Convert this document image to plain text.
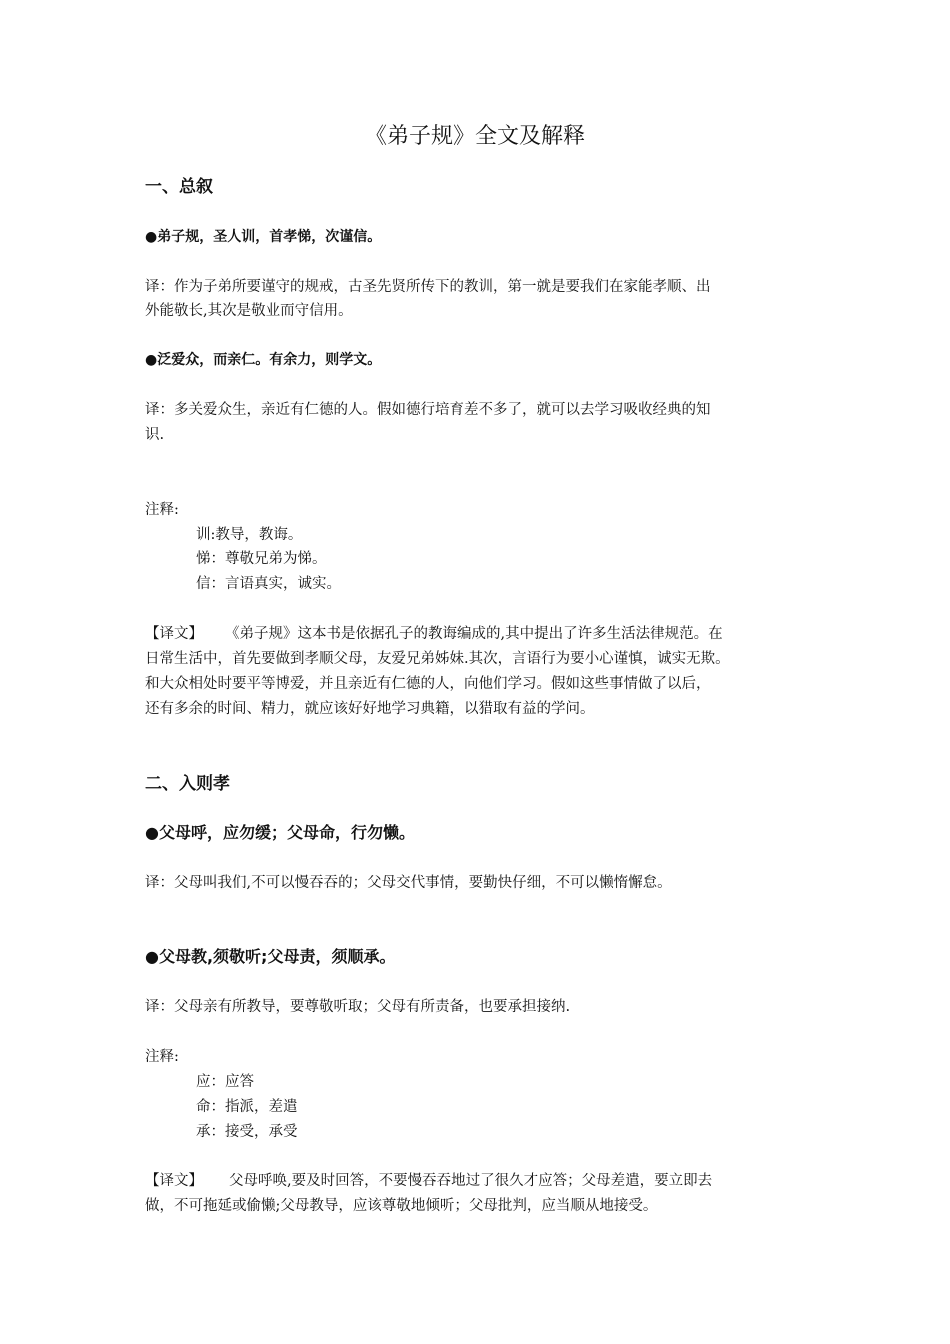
《弟子规》全文及解释
一、总叙
●弟子规，圣人训，首孝悌，次谨信。
译：作为子弟所要谨守的规戒，古圣先贤所传下的教训，第一就是要我们在家能孝顺、出
外能敬长,其次是敬业而守信用。
●泛爱众，而亲仁。有余力，则学文。
译：多关爱众生，亲近有仁德的人。假如德行培育差不多了，就可以去学习吸收经典的知
识.
注释:
训:教导，教诲。
悌：尊敬兄弟为悌。
信：言语真实，诚实。
【译文】 《弟子规》这本书是依据孔子的教诲编成的,其中提出了许多生活法律规范。在
日常生活中，首先要做到孝顺父母，友爱兄弟姊妹.其次，言语行为要小心谨慎，诚实无欺。
和大众相处时要平等博爱，并且亲近有仁德的人，向他们学习。假如这些事情做了以后，
还有多余的时间、精力，就应该好好地学习典籍，以猎取有益的学问。
二、入则孝
●父母呼，应勿缓；父母命，行勿懒。
译：父母叫我们,不可以慢吞吞的；父母交代事情，要勤快仔细，不可以懒惰懈怠。
●父母教,须敬听;父母责，须顺承。
译：父母亲有所教导，要尊敬听取；父母有所责备，也要承担接纳.
注释:
应：应答
命：指派，差遣
承：接受，承受
【译文】 父母呼唤,要及时回答，不要慢吞吞地过了很久才应答；父母差遣，要立即去
做，不可拖延或偷懒;父母教导，应该尊敬地倾听；父母批判，应当顺从地接受。
